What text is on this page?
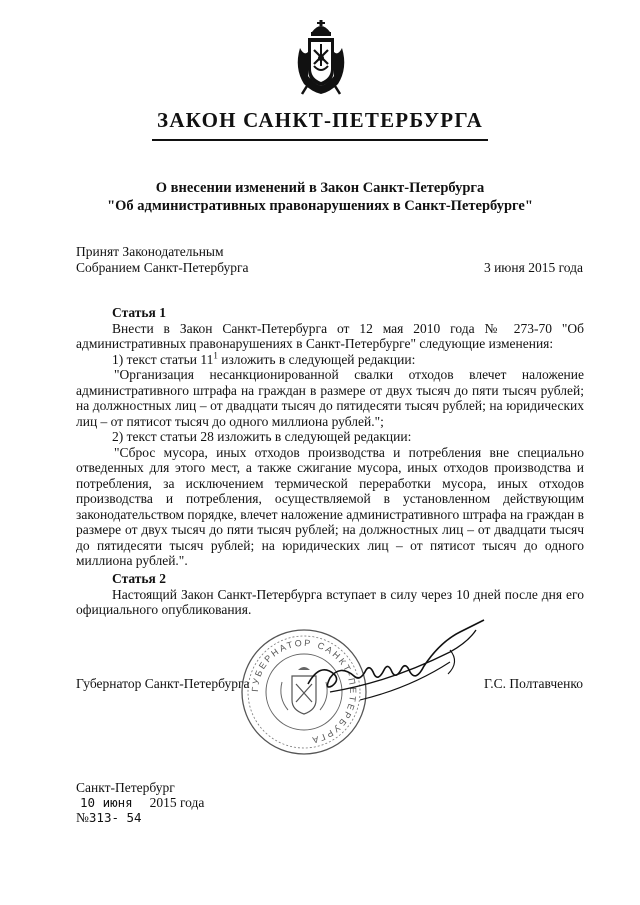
ЗАКОН САНКТ-ПЕТЕРБУРГА
О внесении изменений в Закон Санкт-Петербурга
"Об административных правонарушениях в Санкт-Петербурге"
Принят Законодательным
Собранием Санкт-Петербурга	3 июня 2015 года
Статья 1
Внести в Закон Санкт-Петербурга от 12 мая 2010 года № 273-70 "Об административных правонарушениях в Санкт-Петербурге" следующие изменения:
1) текст статьи $11^1$ изложить в следующей редакции:
"Организация несанкционированной свалки отходов влечет наложение административного штрафа на граждан в размере от двух тысяч до пяти тысяч рублей; на должностных лиц – от двадцати тысяч до пятидесяти тысяч рублей; на юридических лиц – от пятисот тысяч до одного миллиона рублей.";
2) текст статьи 28 изложить в следующей редакции:
"Сброс мусора, иных отходов производства и потребления вне специально отведенных для этого мест, а также сжигание мусора, иных отходов производства и потребления, за исключением термической переработки мусора, иных отходов производства и потребления, осуществляемой в установленном действующим законодательством порядке, влечет наложение административного штрафа на граждан в размере от двух тысяч до пяти тысяч рублей; на должностных лиц – от двадцати тысяч до пятидесяти тысяч рублей; на юридических лиц – от пятисот тысяч до одного миллиона рублей.".
Статья 2
Настоящий Закон Санкт-Петербурга вступает в силу через 10 дней после дня его официального опубликования.
ГУБЕРНАТОР САНКТ-ПЕТЕРБУРГА
Губернатор Санкт-Петербурга	Г.С. Полтавченко
Санкт-Петербург
10 июня 2015 года
№313- 54
